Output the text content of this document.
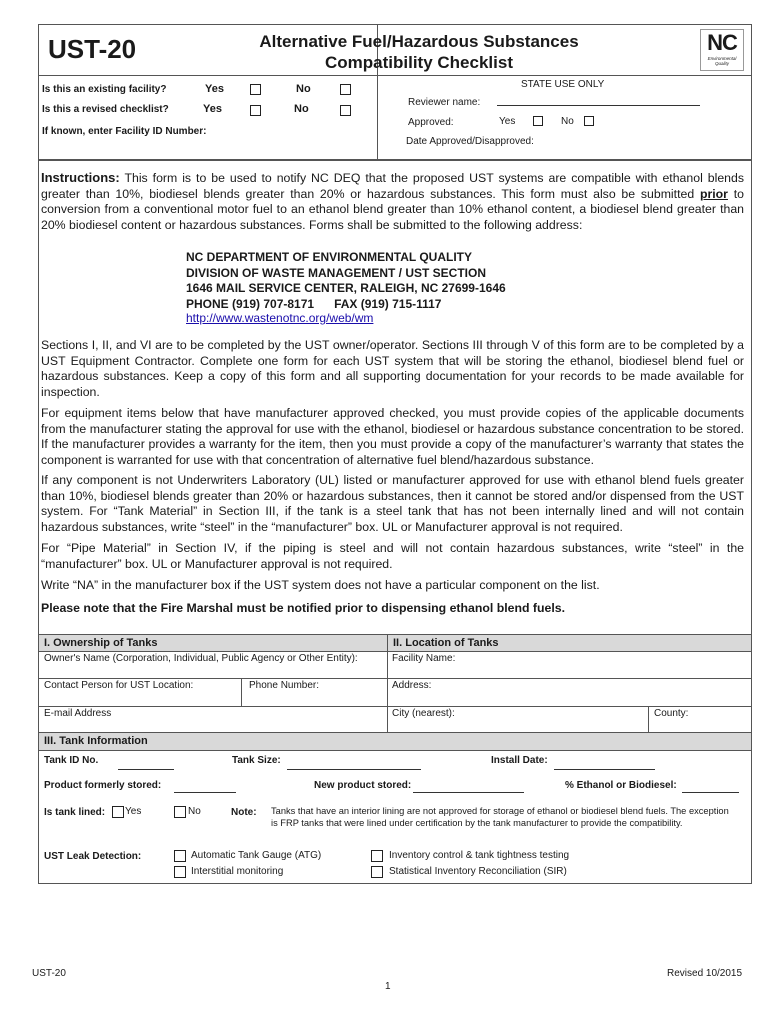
UST-20	Alternative Fuel/Hazardous Substances
Compatibility Checklist
NC
Environmental Quality
Is this an existing facility?	Yes	No
Is this a revised checklist?	Yes	No
If known, enter Facility ID Number:
STATE USE ONLY
Reviewer name:
Approved:	Yes	No
Date Approved/Disapproved:
Instructions: This form is to be used to notify NC DEQ that the proposed UST systems are compatible with ethanol blends greater than 10%, biodiesel blends greater than 20% or hazardous substances. This form must also be submitted prior to conversion from a conventional motor fuel to an ethanol blend greater than 10% ethanol content, a biodiesel blend greater than 20% biodiesel content or hazardous substances. Forms shall be submitted to the following address:
NC DEPARTMENT OF ENVIRONMENTAL QUALITY
DIVISION OF WASTE MANAGEMENT / UST SECTION
1646 MAIL SERVICE CENTER, RALEIGH, NC 27699-1646
PHONE (919) 707-8171      FAX (919) 715-1117
http://www.wastenotnc.org/web/wm
Sections I, II, and VI are to be completed by the UST owner/operator. Sections III through V of this form are to be completed by a UST Equipment Contractor. Complete one form for each UST system that will be storing the ethanol, biodiesel blend fuel or hazardous substances. Keep a copy of this form and all supporting documentation for your records to be made available for inspection.
For equipment items below that have manufacturer approved checked, you must provide copies of the applicable documents from the manufacturer stating the approval for use with the ethanol, biodiesel or hazardous substance concentration to be stored. If the manufacturer provides a warranty for the item, then you must provide a copy of the manufacturer’s warranty that states the component is warranted for use with that concentration of alternative fuel blend/hazardous substance.
If any component is not Underwriters Laboratory (UL) listed or manufacturer approved for use with ethanol blend fuels greater than 10%, biodiesel blends greater than 20% or hazardous substances, then it cannot be stored and/or dispensed from the UST system. For “Tank Material” in Section III, if the tank is a steel tank that has not been internally lined and will not contain hazardous substances, write “steel” in the “manufacturer” box. UL or Manufacturer approval is not required.
For “Pipe Material” in Section IV, if the piping is steel and will not contain hazardous substances, write “steel” in the “manufacturer” box. UL or Manufacturer approval is not required.
Write “NA” in the manufacturer box if the UST system does not have a particular component on the list.
Please note that the Fire Marshal must be notified prior to dispensing ethanol blend fuels.
I. Ownership of Tanks	II. Location of Tanks
Owner's Name (Corporation, Individual, Public Agency or Other Entity):	Facility Name:
Contact Person for UST Location:	Phone Number:	Address:
E-mail Address	City (nearest):	County:
III. Tank Information
Tank ID No.	Tank Size:	Install Date:
Product formerly stored:	New product stored:	% Ethanol or Biodiesel:
Is tank lined: Yes	No	Note: Tanks that have an interior lining are not approved for storage of ethanol or biodiesel blend fuels. The exception is FRP tanks that were lined under certification by the tank manufacturer to provide the compatibility.
UST Leak Detection:	Automatic Tank Gauge (ATG)
Interstitial monitoring
Inventory control & tank tightness testing
Statistical Inventory Reconciliation (SIR)
UST-20	Revised 10/2015
1
